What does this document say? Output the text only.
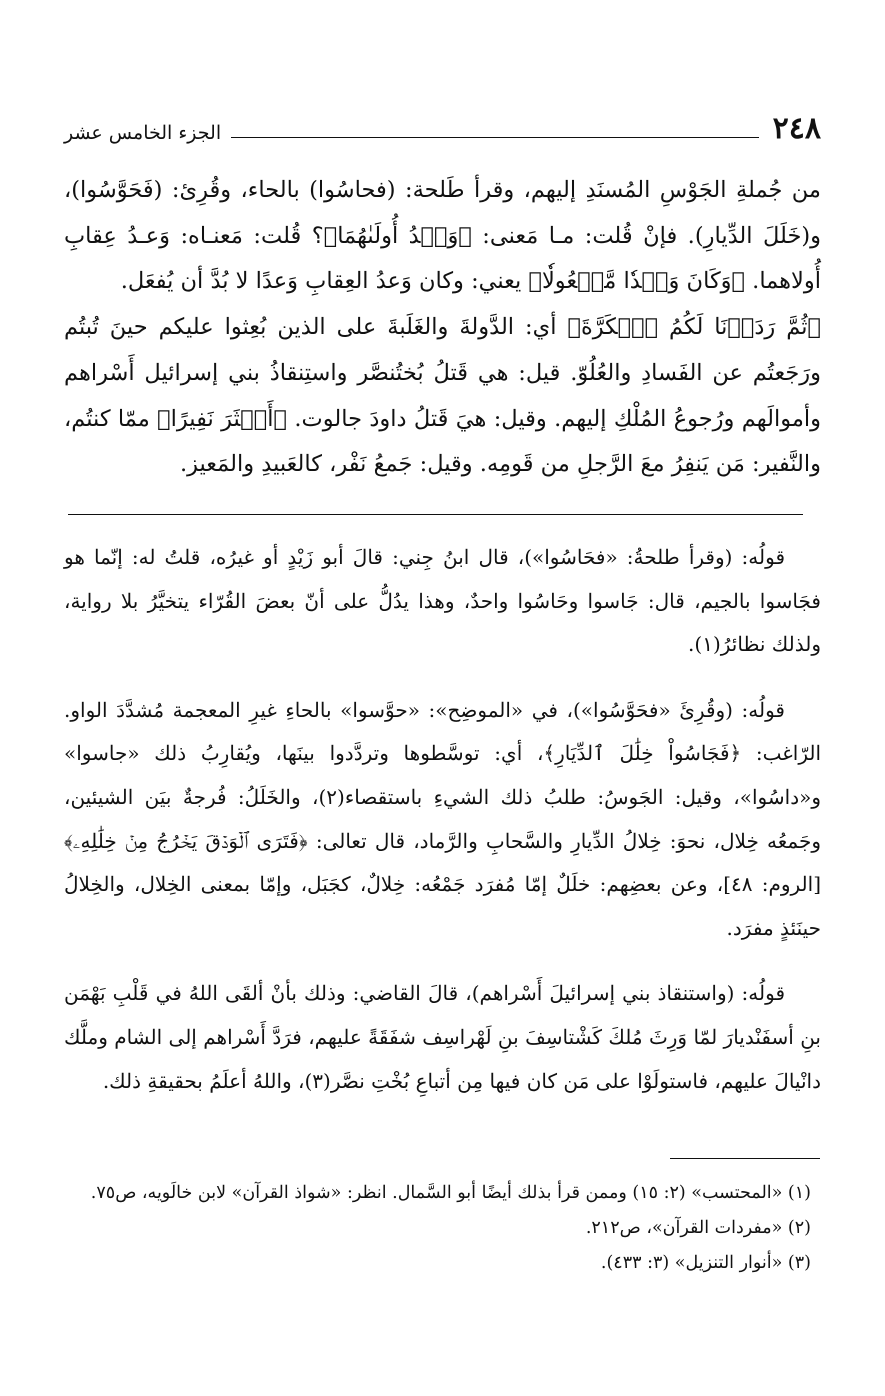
٢٤٨
الجزء الخامس عشر

من جُملةِ الجَوْسِ المُسنَدِ إليهم، وقرأ طَلحة: (فحاسُوا) بالحاء، وقُرِئ: (فَحَوَّسُوا)، و(خَلَلَ الدِّيارِ). فإنْ قُلت: مـا مَعنى: ﴿وَعۡدُ أُولَىٰهُمَا﴾؟ قُلت: مَعنـاه: وَعـدُ عِقابِ أُولاهما. ﴿وَكَانَ وَعۡدٗا مَّفۡعُولٗا﴾ يعني: وكان وَعدُ العِقابِ وَعدًا لا بُدَّ أن يُفعَل.

﴿ثُمَّ رَدَدۡنَا لَكُمُ ٱلۡكَرَّةَ﴾ أي: الدَّولةَ والغَلَبةَ على الذين بُعِثوا عليكم حينَ تُبتُم ورَجَعتُم عن الفَسادِ والعُلُوّ. قيل: هي قَتلُ بُختُنصَّر واستِنقاذُ بني إسرائيل أَسْراهم وأموالَهم ورُجوعُ المُلْكِ إليهم. وقيل: هيَ قَتلُ داودَ جالوت. ﴿أَكۡثَرَ نَفِيرًا﴾ ممّا كنتُم، والنَّفير: مَن يَنفِرُ معَ الرَّجلِ من قَومِه. وقيل: جَمعُ نَفْر، كالعَبيدِ والمَعيز.

قولُه: (وقرأ طلحةُ: «فحَاسُوا»)، قال ابنُ جِني: قالَ أبو زَيْدٍ أو غيرُه، قلتُ له: إنّما هو فجَاسوا بالجيم، قال: جَاسوا وحَاسُوا واحدٌ، وهذا يدُلُّ على أنّ بعضَ القُرّاء يتخيَّرُ بلا رواية، ولذلك نظائرُ(١).

قولُه: (وقُرِئَ «فحَوَّسُوا»)، في «الموضِح»: «حوَّسوا» بالحاءِ غيرِ المعجمة مُشدَّدَ الواو. الرّاغب: ﴿فَجَاسُواْ خِلَٰلَ ٱلدِّيَارِ﴾، أي: توسَّطوها وتردَّدوا بينَها، ويُقارِبُ ذلك «جاسوا» و«داسُوا»، وقيل: الجَوسُ: طلبُ ذلك الشيءِ باستقصاء(٢)، والخَلَلُ: فُرجةٌ بيَن الشيئين، وجَمعُه خِلال، نحوَ: خِلالُ الدِّيارِ والسَّحابِ والرَّماد، قال تعالى: ﴿فَتَرَى ٱلۡوَدۡقَ يَخۡرُجُ مِنۡ خِلَٰلِهِۦ﴾ [الروم: ٤٨]، وعن بعضِهم: خلَلٌ إمّا مُفرَد جَمْعُه: خِلالٌ، كجَبَل، وإمّا بمعنى الخِلال، والخِلالُ حينَئذٍ مفرَد.

قولُه: (واستنقاذ بني إسرائيلَ أَسْراهم)، قالَ القاضي: وذلك بأنْ ألقَى اللهُ في قَلْبِ بَهْمَن بنِ أسفَنْديارَ لمّا وَرِثَ مُلكَ كَشْتاسِفَ بنِ لَهْراسِف شفَقَةً عليهم، فرَدَّ أَسْراهم إلى الشام وملَّك دانْيالَ عليهم، فاستولَوْا على مَن كان فيها مِن أتباعِ بُخْتِ نصَّر(٣)، واللهُ أعلَمُ بحقيقةِ ذلك.

(١) «المحتسب» (٢: ١٥) وممن قرأ بذلك أيضًا أبو السَّمال. انظر: «شواذ القرآن» لابن خالَويه، ص٧٥.

(٢) «مفردات القرآن»، ص٢١٢.

(٣) «أنوار التنزيل» (٣: ٤٣٣).
